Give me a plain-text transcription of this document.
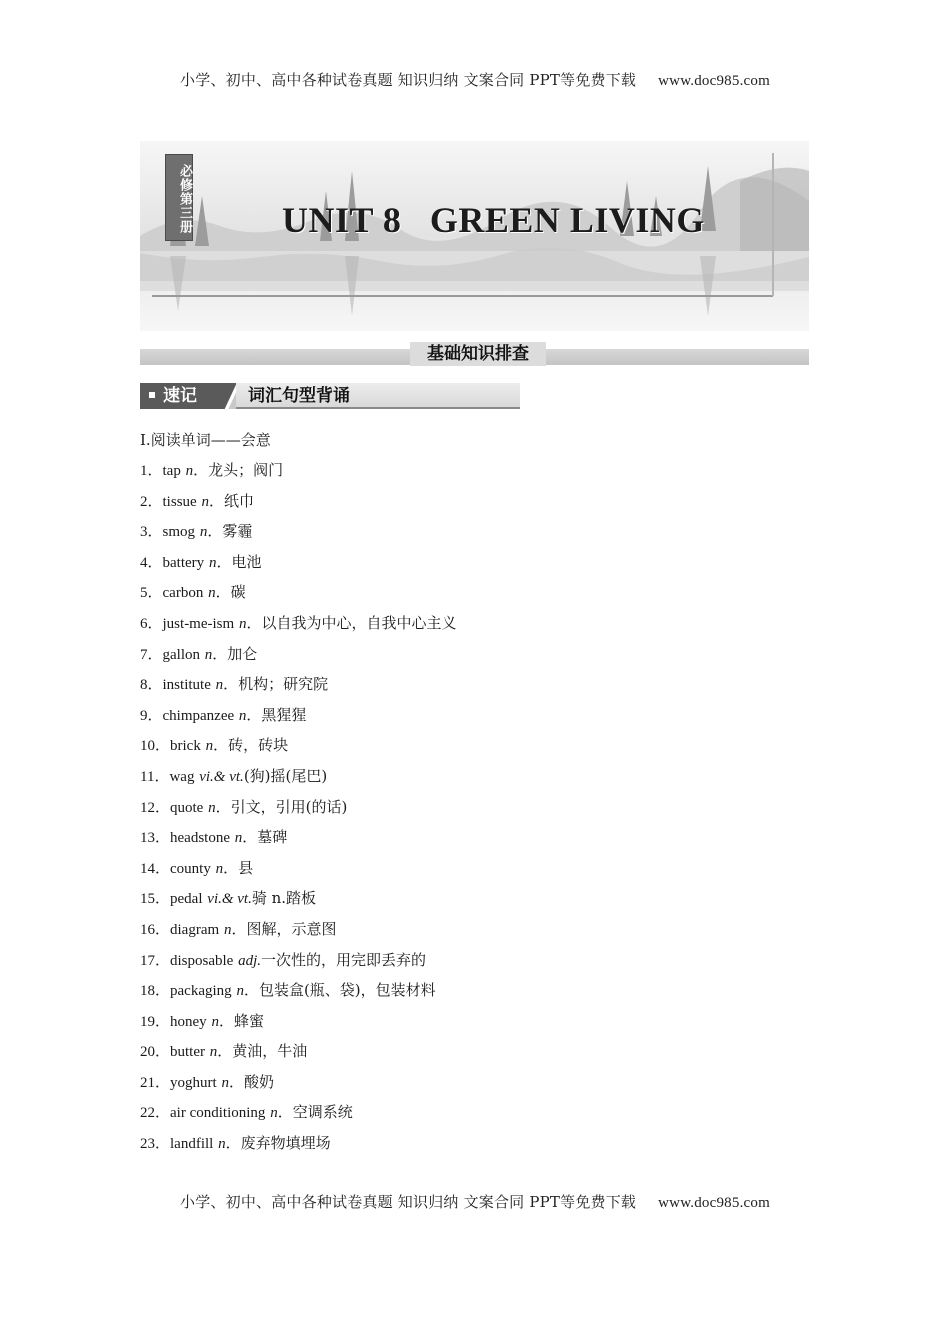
小学、初中、高中各种试卷真题 知识归纳 文案合同 PPT等免费下载 www.doc985.com
必修第三册	UNIT 8   GREEN LIVING
基础知识排查
速记	词汇句型背诵
Ⅰ.阅读单词——会意
1．tap n．龙头；阀门
2．tissue n．纸巾
3．smog n．雾霾
4．battery n．电池
5．carbon n．碳
6．just-me-ism n．以自我为中心，自我中心主义
7．gallon n．加仑
8．institute n．机构；研究院
9．chimpanzee n．黑猩猩
10．brick n．砖，砖块
11．wag vi.& vt.(狗)摇(尾巴)
12．quote n．引文，引用(的话)
13．headstone n．墓碑
14．county n．县
15．pedal vi.& vt.骑 n.踏板
16．diagram n．图解，示意图
17．disposable adj.一次性的，用完即丢弃的
18．packaging n．包装盒(瓶、袋)，包装材料
19．honey n．蜂蜜
20．butter n．黄油，牛油
21．yoghurt n．酸奶
22．air conditioning n．空调系统
23．landfill n．废弃物填埋场
小学、初中、高中各种试卷真题 知识归纳 文案合同 PPT等免费下载 www.doc985.com
